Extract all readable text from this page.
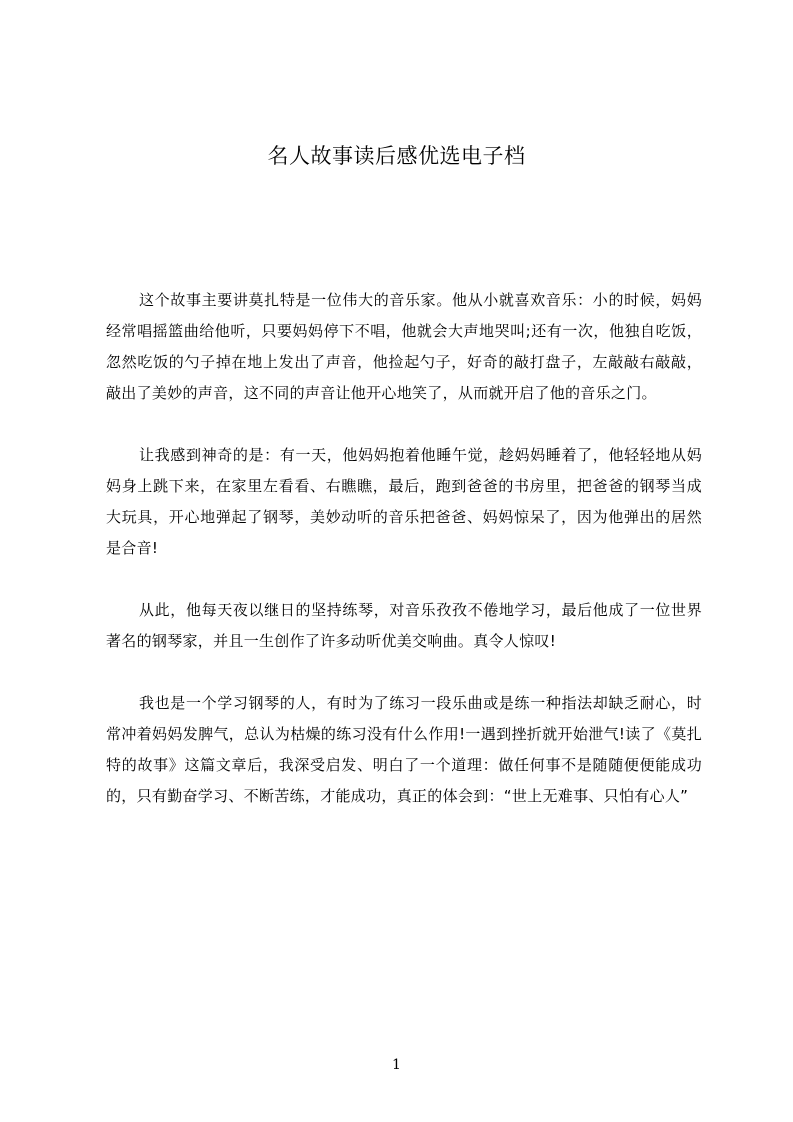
名人故事读后感优选电子档

这个故事主要讲莫扎特是一位伟大的音乐家。他从小就喜欢音乐：小的时候，妈妈经常唱摇篮曲给他听，只要妈妈停下不唱，他就会大声地哭叫;还有一次，他独自吃饭，忽然吃饭的勺子掉在地上发出了声音，他捡起勺子，好奇的敲打盘子，左敲敲右敲敲，敲出了美妙的声音，这不同的声音让他开心地笑了，从而就开启了他的音乐之门。

让我感到神奇的是：有一天，他妈妈抱着他睡午觉，趁妈妈睡着了，他轻轻地从妈妈身上跳下来，在家里左看看、右瞧瞧，最后，跑到爸爸的书房里，把爸爸的钢琴当成大玩具，开心地弹起了钢琴，美妙动听的音乐把爸爸、妈妈惊呆了，因为他弹出的居然是合音!

从此，他每天夜以继日的坚持练琴，对音乐孜孜不倦地学习，最后他成了一位世界著名的钢琴家，并且一生创作了许多动听优美交响曲。真令人惊叹!

我也是一个学习钢琴的人，有时为了练习一段乐曲或是练一种指法却缺乏耐心，时常冲着妈妈发脾气，总认为枯燥的练习没有什么作用!一遇到挫折就开始泄气!读了《莫扎特的故事》这篇文章后，我深受启发、明白了一个道理：做任何事不是随随便便能成功的，只有勤奋学习、不断苦练，才能成功，真正的体会到：“世上无难事、只怕有心人”

1
